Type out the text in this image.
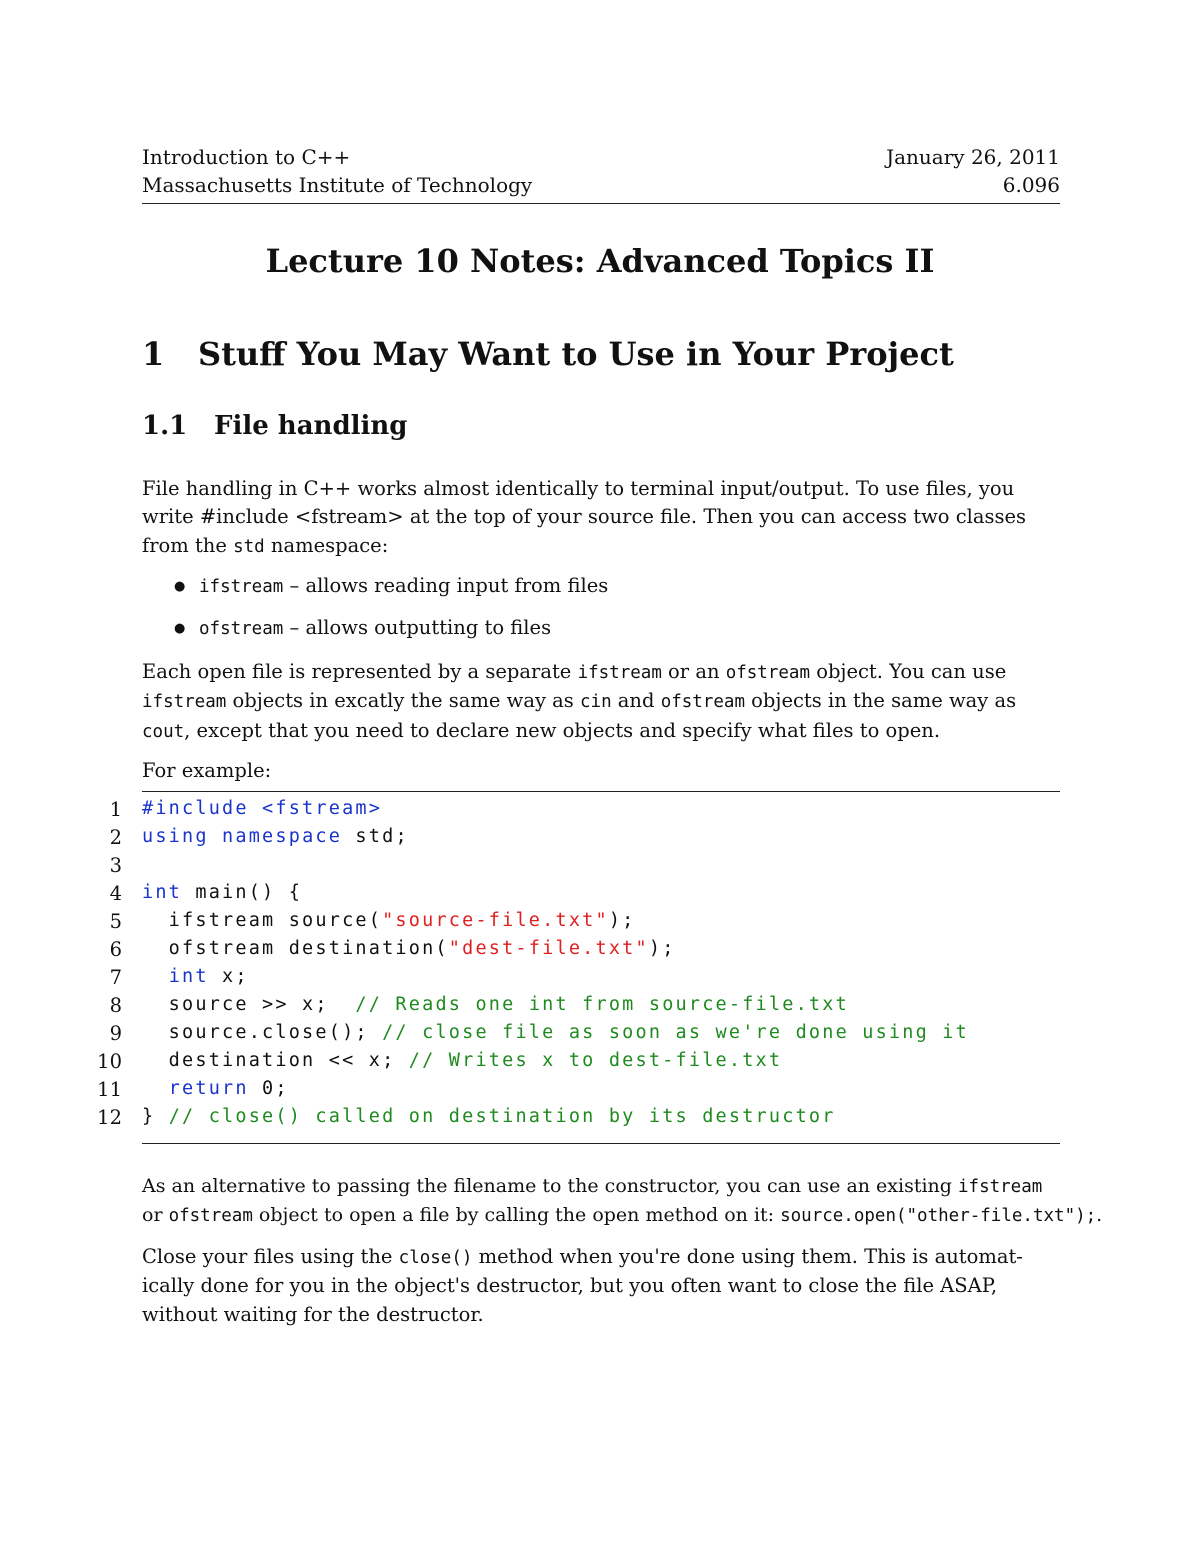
Introduction to C++	January 26, 2011
Massachusetts Institute of Technology	6.096
Lecture 10 Notes: Advanced Topics II
1 Stuff You May Want to Use in Your Project
1.1 File handling
File handling in C++ works almost identically to terminal input/output. To use files, you
write #include <fstream> at the top of your source file. Then you can access two classes
from the std namespace:
● ifstream – allows reading input from files
● ofstream – allows outputting to files
Each open file is represented by a separate ifstream or an ofstream object. You can use
ifstream objects in excatly the same way as cin and ofstream objects in the same way as
cout, except that you need to declare new objects and specify what files to open.
For example:
1 #include <fstream>
2 using namespace std;
3
4 int main() {
5 ifstream source("source-file.txt");
6 ofstream destination("dest-file.txt");
7	int x;
8 source >> x;  // Reads one int from source-file.txt
9 source.close(); // close file as soon as we're done using it
10 destination << x; // Writes x to dest-file.txt
11	return 0;
12 } // close() called on destination by its destructor
As an alternative to passing the filename to the constructor, you can use an existing ifstream
or ofstream object to open a file by calling the open method on it: source.open("other-file.txt");.
Close your files using the close() method when you're done using them. This is automat-
ically done for you in the object's destructor, but you often want to close the file ASAP,
without waiting for the destructor.
